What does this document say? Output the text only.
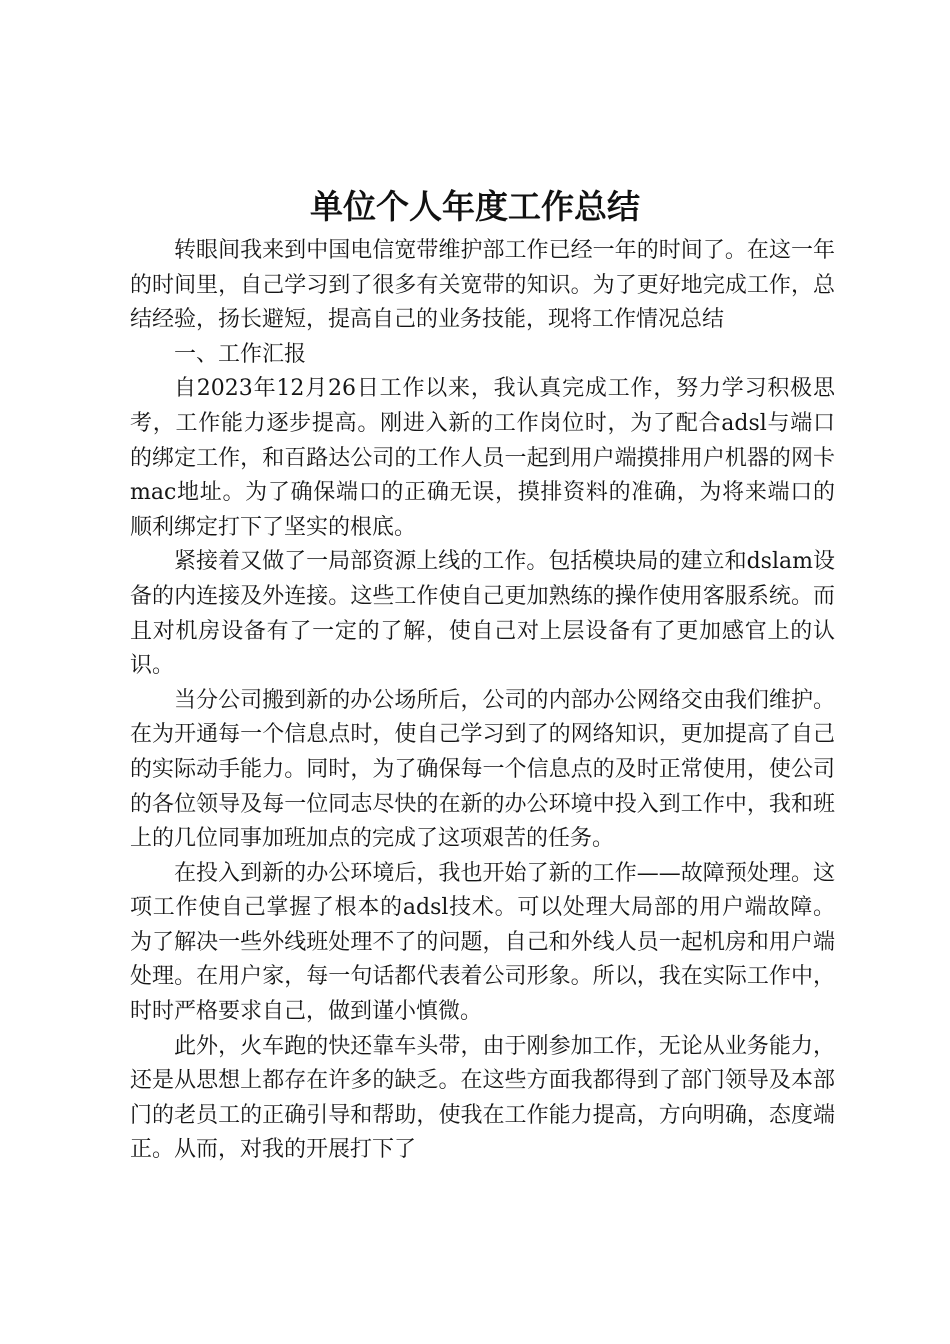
单位个人年度工作总结

转眼间我来到中国电信宽带维护部工作已经一年的时间了。在这一年的时间里，自己学习到了很多有关宽带的知识。为了更好地完成工作，总结经验，扬长避短，提高自己的业务技能，现将工作情况总结

一、工作汇报

自2023年12月26日工作以来，我认真完成工作，努力学习积极思考，工作能力逐步提高。刚进入新的工作岗位时，为了配合adsl与端口的绑定工作，和百路达公司的工作人员一起到用户端摸排用户机器的网卡mac地址。为了确保端口的正确无误，摸排资料的准确，为将来端口的顺利绑定打下了坚实的根底。

紧接着又做了一局部资源上线的工作。包括模块局的建立和dslam设备的内连接及外连接。这些工作使自己更加熟练的操作使用客服系统。而且对机房设备有了一定的了解，使自己对上层设备有了更加感官上的认识。

当分公司搬到新的办公场所后，公司的内部办公网络交由我们维护。在为开通每一个信息点时，使自己学习到了的网络知识，更加提高了自己的实际动手能力。同时，为了确保每一个信息点的及时正常使用，使公司的各位领导及每一位同志尽快的在新的办公环境中投入到工作中，我和班上的几位同事加班加点的完成了这项艰苦的任务。

在投入到新的办公环境后，我也开始了新的工作——故障预处理。这项工作使自己掌握了根本的adsl技术。可以处理大局部的用户端故障。为了解决一些外线班处理不了的问题，自己和外线人员一起机房和用户端处理。在用户家，每一句话都代表着公司形象。所以，我在实际工作中，时时严格要求自己，做到谨小慎微。

此外，火车跑的快还靠车头带，由于刚参加工作，无论从业务能力，还是从思想上都存在许多的缺乏。在这些方面我都得到了部门领导及本部门的老员工的正确引导和帮助，使我在工作能力提高，方向明确，态度端正。从而，对我的开展打下了
